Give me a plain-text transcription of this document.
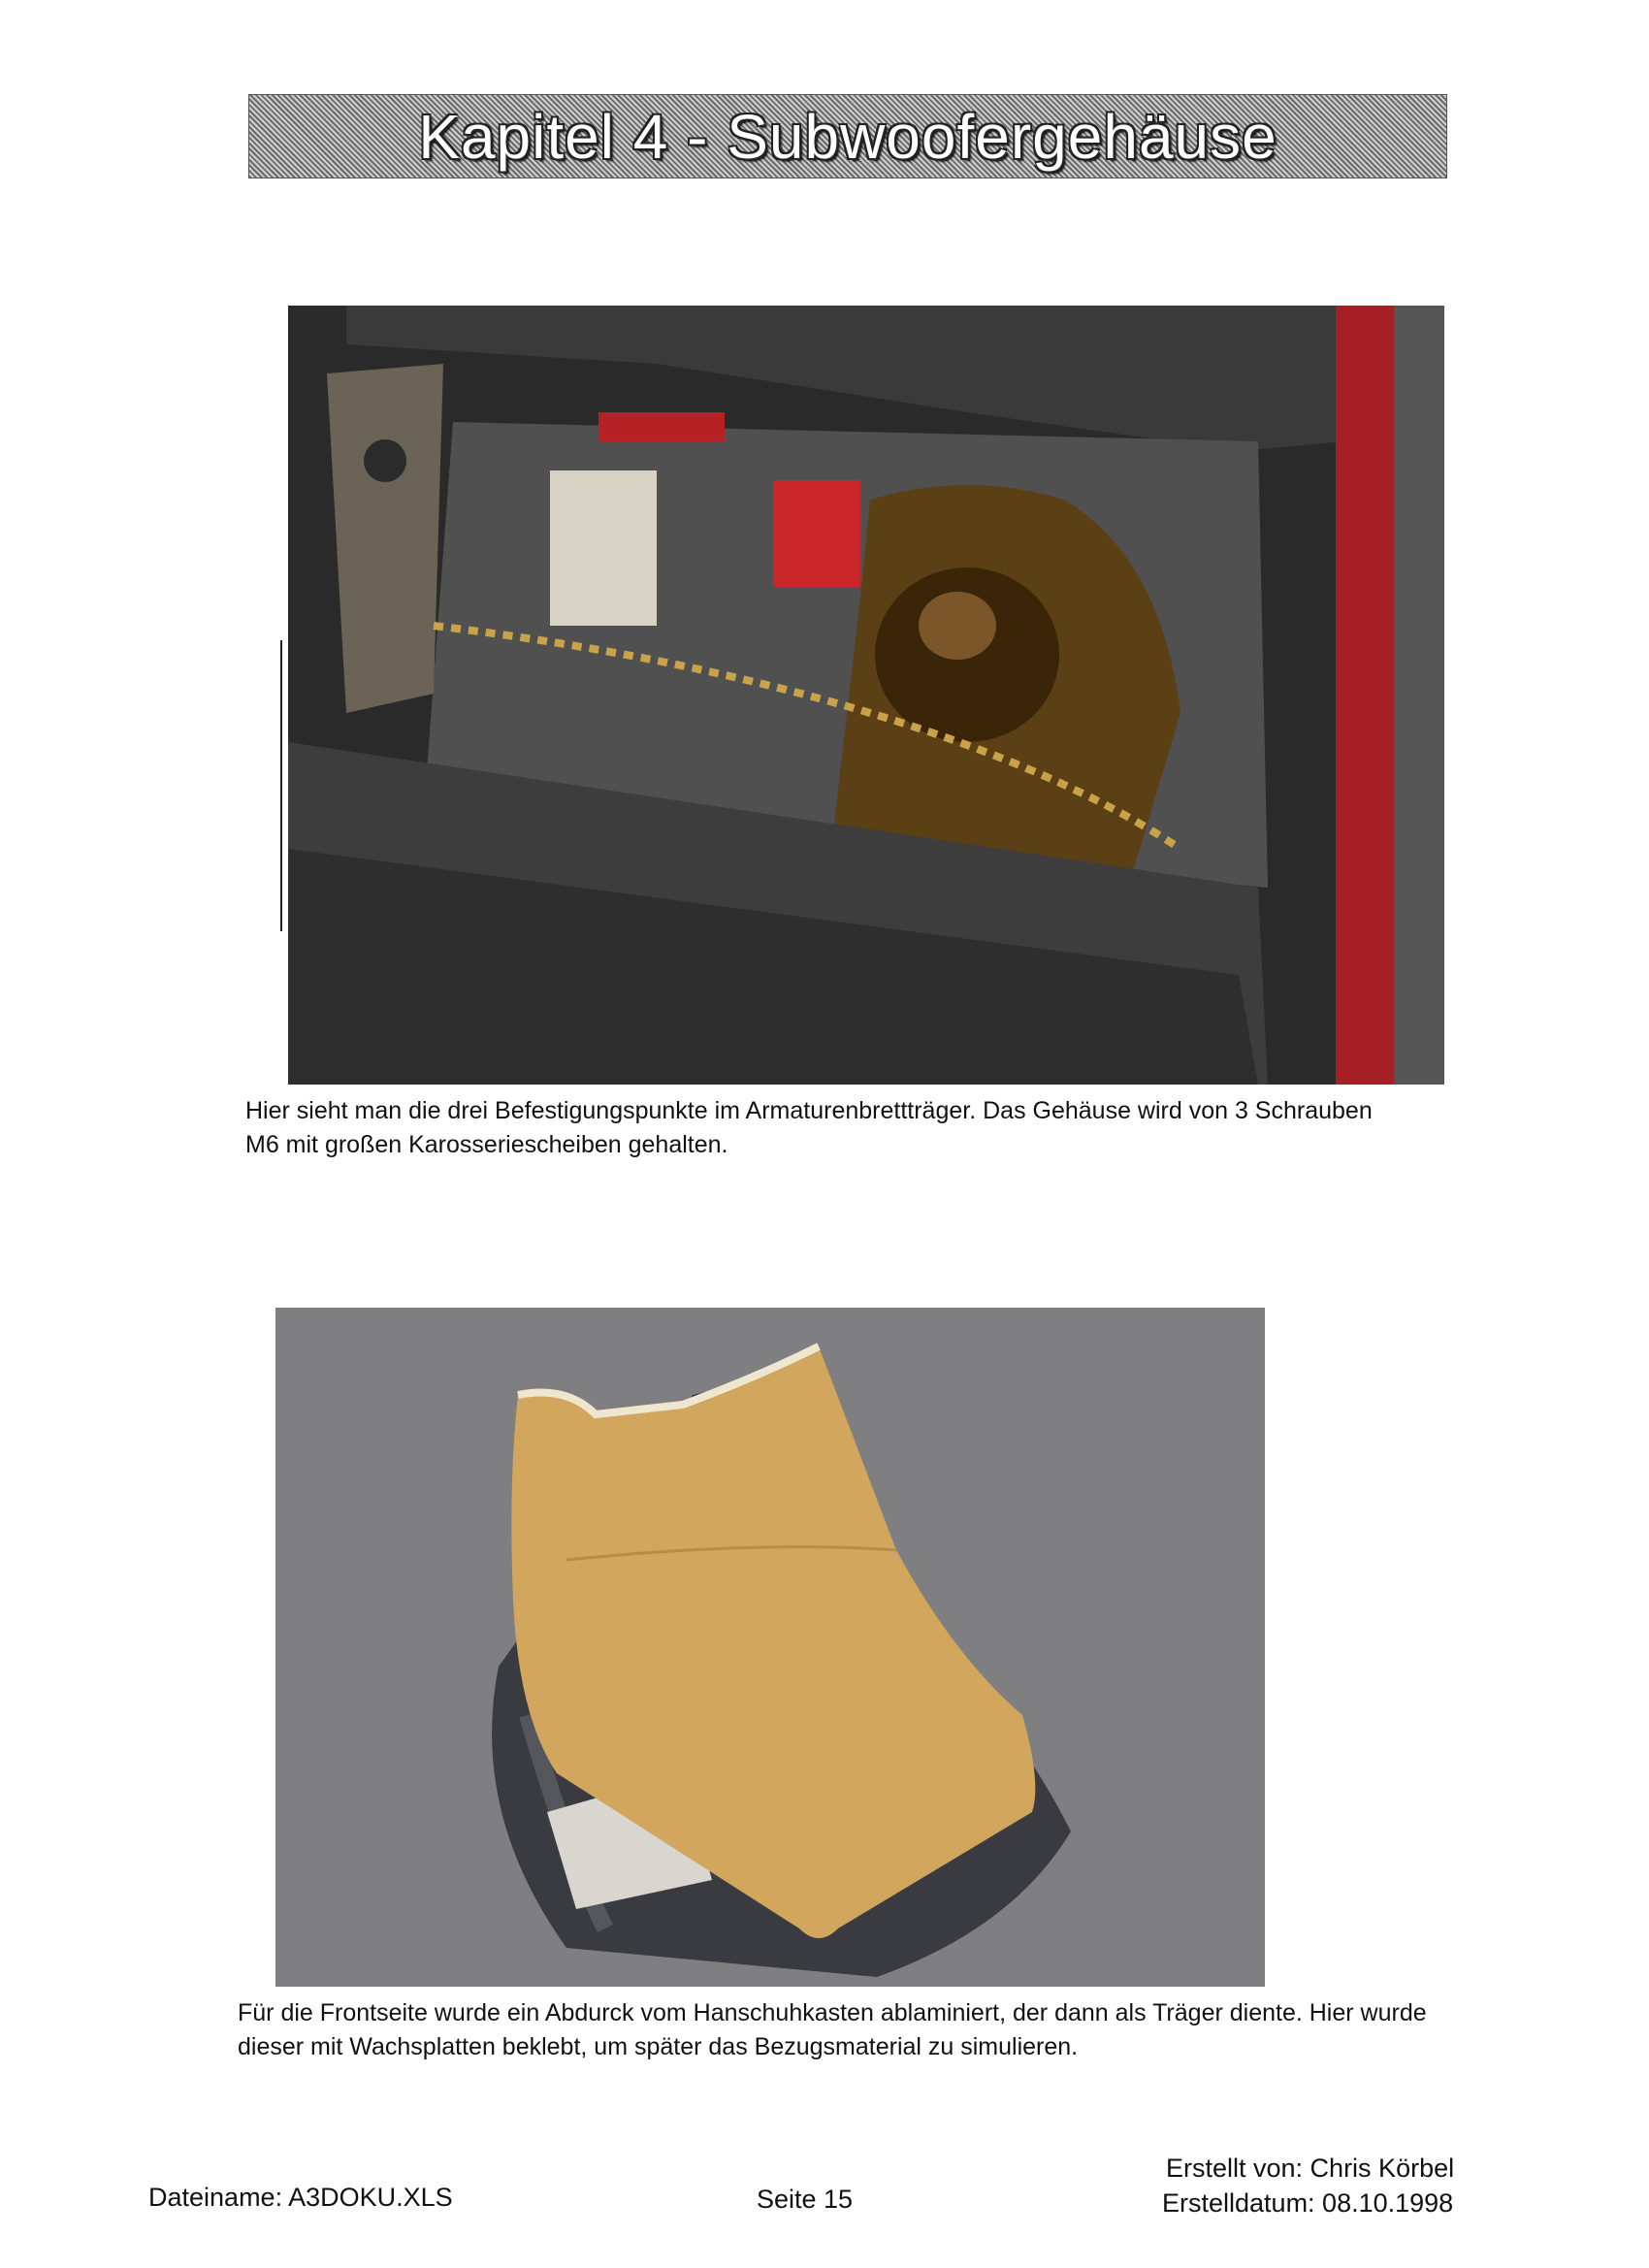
Kapitel 4 - Subwoofergehäuse
Hier sieht man die drei Befestigungspunkte im Armaturenbrettträger. Das Gehäuse wird von 3 Schrauben M6 mit großen Karosseriescheiben gehalten.
Für die Frontseite wurde ein Abdurck vom Hanschuhkasten ablaminiert, der dann als Träger diente. Hier wurde dieser mit Wachsplatten beklebt, um später das Bezugsmaterial zu simulieren.
Dateiname: A3DOKU.XLS	Seite 15
Erstellt von: Chris Körbel
Erstelldatum: 08.10.1998
